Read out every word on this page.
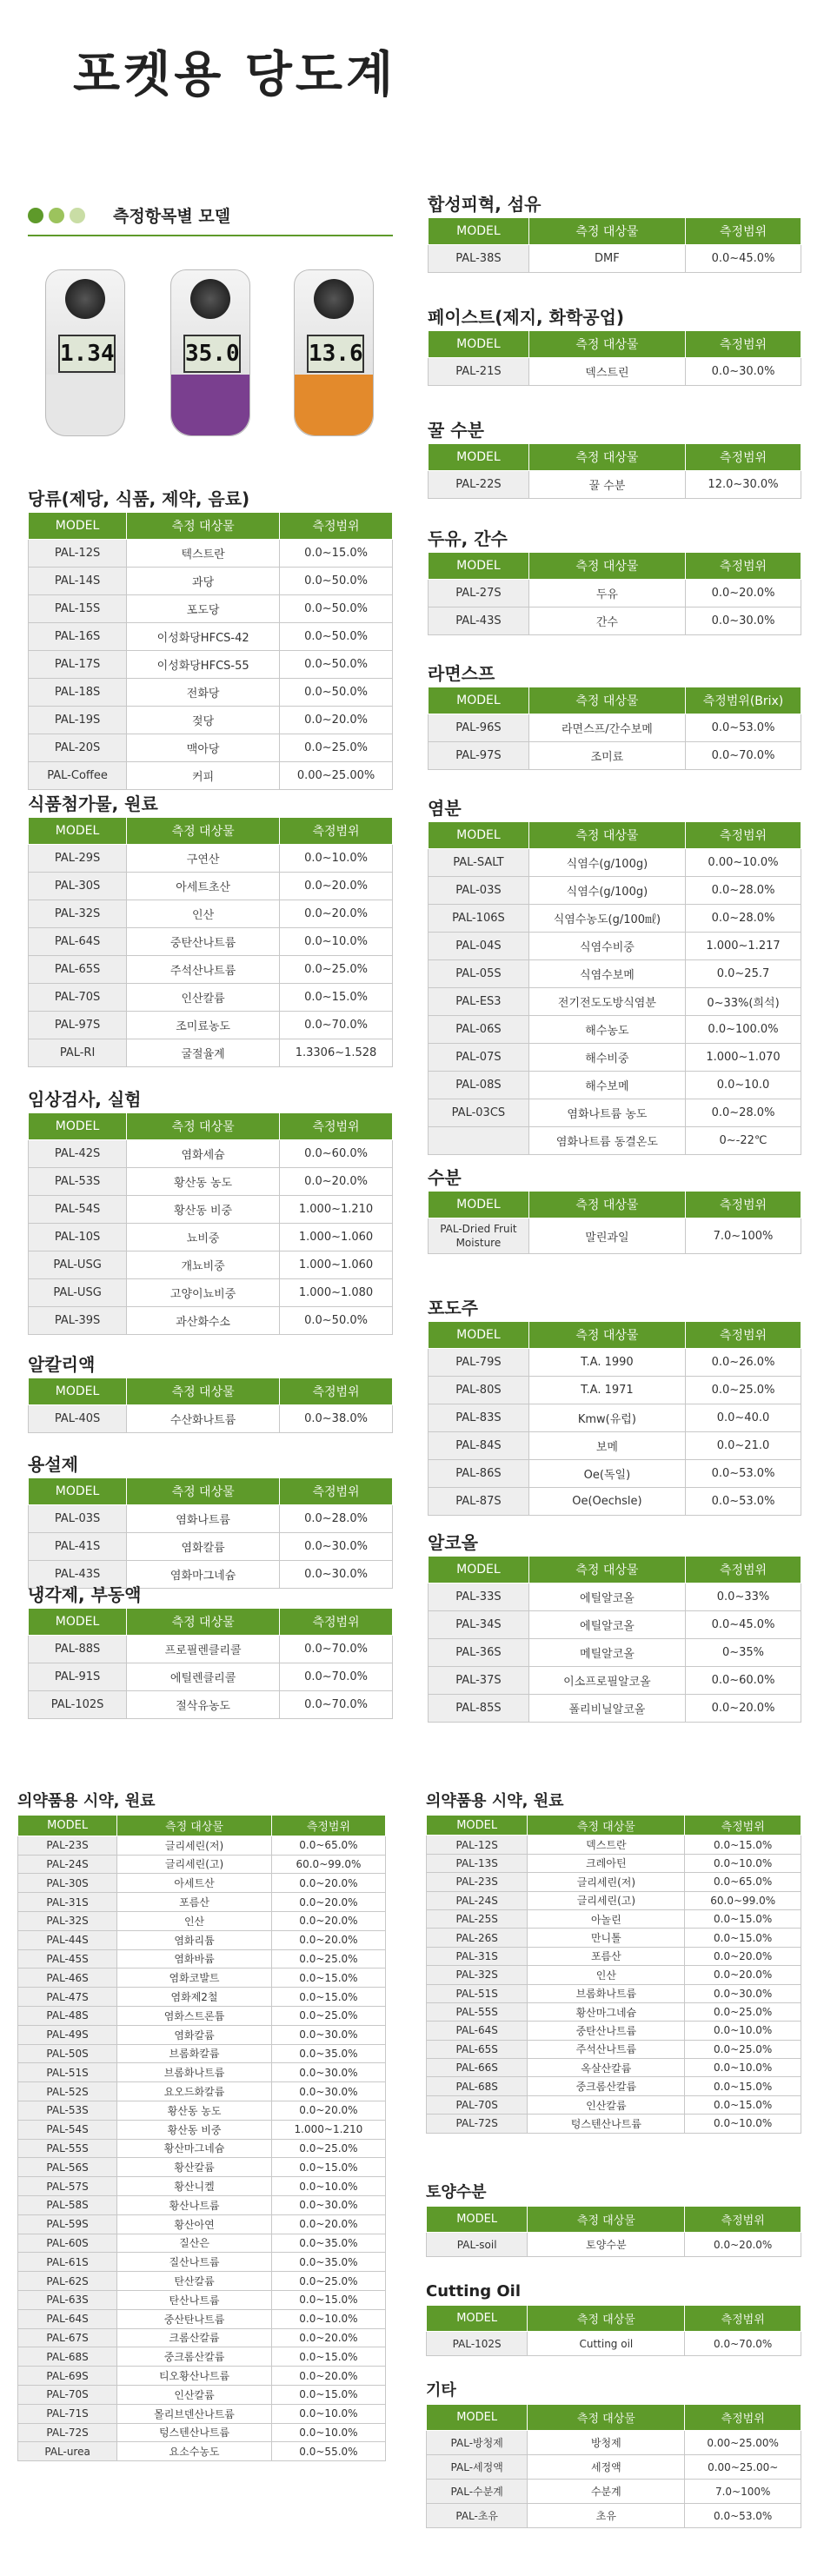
포켓용 당도계
측정항목별 모델
1.34	35.0	13.6
당류(제당, 식품, 제약, 음료)
MODEL	측정 대상물	측정범위
PAL-12S	텍스트란	0.0~15.0%
PAL-14S	과당	0.0~50.0%
PAL-15S	포도당	0.0~50.0%
PAL-16S	이성화당HFCS-42	0.0~50.0%
PAL-17S	이성화당HFCS-55	0.0~50.0%
PAL-18S	전화당	0.0~50.0%
PAL-19S	젖당	0.0~20.0%
PAL-20S	맥아당	0.0~25.0%
PAL-Coffee	커피	0.00~25.00%
식품첨가물, 원료
MODEL	측정 대상물	측정범위
PAL-29S	구연산	0.0~10.0%
PAL-30S	아세트초산	0.0~20.0%
PAL-32S	인산	0.0~20.0%
PAL-64S	중탄산나트륨	0.0~10.0%
PAL-65S	주석산나트륨	0.0~25.0%
PAL-70S	인산칼륨	0.0~15.0%
PAL-97S	조미료농도	0.0~70.0%
PAL-RI	굴절율계	1.3306~1.528
임상검사, 실험
MODEL	측정 대상물	측정범위
PAL-42S	염화세슘	0.0~60.0%
PAL-53S	황산동 농도	0.0~20.0%
PAL-54S	황산동 비중	1.000~1.210
PAL-10S	뇨비중	1.000~1.060
PAL-USG	개뇨비중	1.000~1.060
PAL-USG	고양이뇨비중	1.000~1.080
PAL-39S	과산화수소	0.0~50.0%
알칼리액
MODEL	측정 대상물	측정범위
PAL-40S	수산화나트륨	0.0~38.0%
용설제
MODEL	측정 대상물	측정범위
PAL-03S	염화나트륨	0.0~28.0%
PAL-41S	염화칼륨	0.0~30.0%
PAL-43S	염화마그네슘	0.0~30.0%
냉각제, 부동액
MODEL	측정 대상물	측정범위
PAL-88S	프로필렌클리콜	0.0~70.0%
PAL-91S	에틸렌클리콜	0.0~70.0%
PAL-102S	절삭유농도	0.0~70.0%
합성피혁, 섬유
MODEL	측정 대상물	측정범위
PAL-38S	DMF	0.0~45.0%
페이스트(제지, 화학공업)
MODEL	측정 대상물	측정범위
PAL-21S	덱스트린	0.0~30.0%
꿀 수분
MODEL	측정 대상물	측정범위
PAL-22S	꿀 수분	12.0~30.0%
두유, 간수
MODEL	측정 대상물	측정범위
PAL-27S	두유	0.0~20.0%
PAL-43S	간수	0.0~30.0%
라면스프
MODEL	측정 대상물	측정범위(Brix)
PAL-96S	라면스프/간수보메	0.0~53.0%
PAL-97S	조미료	0.0~70.0%
염분
MODEL	측정 대상물	측정범위
PAL-SALT	식염수(g/100g)	0.00~10.0%
PAL-03S	식염수(g/100g)	0.0~28.0%
PAL-106S	식염수농도(g/100㎖)	0.0~28.0%
PAL-04S	식염수비중	1.000~1.217
PAL-05S	식염수보메	0.0~25.7
PAL-ES3	전기전도도방식염분	0~33%(희석)
PAL-06S	해수농도	0.0~100.0%
PAL-07S	해수비중	1.000~1.070
PAL-08S	해수보메	0.0~10.0
PAL-03CS	염화나트륨 농도	0.0~28.0%
	염화나트륨 동결온도	0~-22℃
수분
MODEL	측정 대상물	측정범위
PAL-Dried Fruit Moisture	말린과일	7.0~100%
포도주
MODEL	측정 대상물	측정범위
PAL-79S	T.A. 1990	0.0~26.0%
PAL-80S	T.A. 1971	0.0~25.0%
PAL-83S	Kmw(유럽)	0.0~40.0
PAL-84S	보메	0.0~21.0
PAL-86S	Oe(독일)	0.0~53.0%
PAL-87S	Oe(Oechsle)	0.0~53.0%
알코올
MODEL	측정 대상물	측정범위
PAL-33S	에틸알코올	0.0~33%
PAL-34S	에틸알코올	0.0~45.0%
PAL-36S	메틸알코올	0~35%
PAL-37S	이소프로필알코올	0.0~60.0%
PAL-85S	폴리비닐알코올	0.0~20.0%
의약품용 시약, 원료
MODEL	측정 대상물	측정범위
PAL-23S	글리세린(저)	0.0~65.0%
PAL-24S	글리세린(고)	60.0~99.0%
PAL-30S	아세트산	0.0~20.0%
PAL-31S	포름산	0.0~20.0%
PAL-32S	인산	0.0~20.0%
PAL-44S	염화리튬	0.0~20.0%
PAL-45S	염화바륨	0.0~25.0%
PAL-46S	염화코발트	0.0~15.0%
PAL-47S	염화제2철	0.0~15.0%
PAL-48S	염화스트론튬	0.0~25.0%
PAL-49S	염화칼륨	0.0~30.0%
PAL-50S	브롬화칼륨	0.0~35.0%
PAL-51S	브롬화나트륨	0.0~30.0%
PAL-52S	요오드화칼륨	0.0~30.0%
PAL-53S	황산동 농도	0.0~20.0%
PAL-54S	황산동 비중	1.000~1.210
PAL-55S	황산마그네슘	0.0~25.0%
PAL-56S	황산칼륨	0.0~15.0%
PAL-57S	황산니켈	0.0~10.0%
PAL-58S	황산나트륨	0.0~30.0%
PAL-59S	황산아연	0.0~20.0%
PAL-60S	질산은	0.0~35.0%
PAL-61S	질산나트륨	0.0~35.0%
PAL-62S	탄산칼륨	0.0~25.0%
PAL-63S	탄산나트륨	0.0~15.0%
PAL-64S	중산탄나트륨	0.0~10.0%
PAL-67S	크롬산칼륨	0.0~20.0%
PAL-68S	중크롬산칼륨	0.0~15.0%
PAL-69S	티오황산나트륨	0.0~20.0%
PAL-70S	인산칼륨	0.0~15.0%
PAL-71S	몰리브덴산나트륨	0.0~10.0%
PAL-72S	텅스텐산나트륨	0.0~10.0%
PAL-urea	요소수농도	0.0~55.0%
의약품용 시약, 원료
MODEL	측정 대상물	측정범위
PAL-12S	덱스트란	0.0~15.0%
PAL-13S	크레아틴	0.0~10.0%
PAL-23S	글리세린(저)	0.0~65.0%
PAL-24S	글리세린(고)	60.0~99.0%
PAL-25S	아놀린	0.0~15.0%
PAL-26S	만니톨	0.0~15.0%
PAL-31S	포름산	0.0~20.0%
PAL-32S	인산	0.0~20.0%
PAL-51S	브롬화나트륨	0.0~30.0%
PAL-55S	황산마그네슘	0.0~25.0%
PAL-64S	중탄산나트륨	0.0~10.0%
PAL-65S	주석산나트륨	0.0~25.0%
PAL-66S	옥살산칼륨	0.0~10.0%
PAL-68S	중크롬산칼륨	0.0~15.0%
PAL-70S	인산칼륨	0.0~15.0%
PAL-72S	텅스텐산나트륨	0.0~10.0%
토양수분
MODEL	측정 대상물	측정범위
PAL-soil	토양수분	0.0~20.0%
Cutting Oil
MODEL	측정 대상물	측정범위
PAL-102S	Cutting oil	0.0~70.0%
기타
MODEL	측정 대상물	측정범위
PAL-방청제	방청제	0.00~25.00%
PAL-세정액	세정액	0.00~25.00~
PAL-수분계	수분계	7.0~100%
PAL-초유	초유	0.0~53.0%
